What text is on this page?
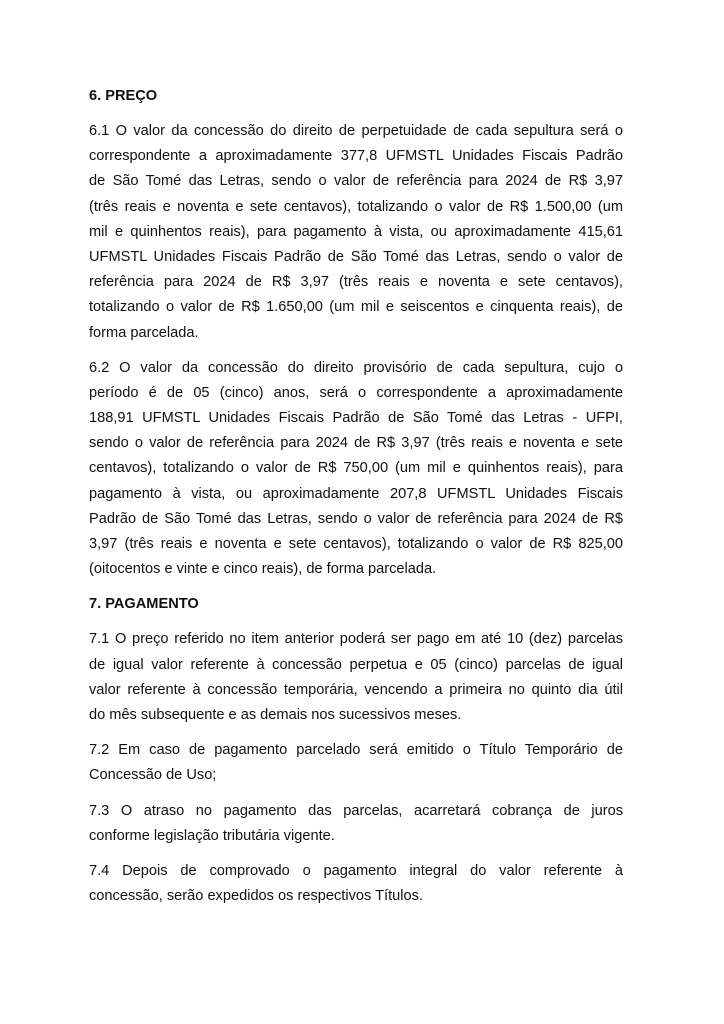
6. PREÇO
6.1 O valor da concessão do direito de perpetuidade de cada sepultura será o
correspondente a aproximadamente 377,8 UFMSTL Unidades Fiscais Padrão
de São Tomé das Letras, sendo o valor de referência para 2024 de R$ 3,97
(três reais e noventa e sete centavos), totalizando o valor de R$ 1.500,00 (um
mil e quinhentos reais), para pagamento à vista, ou aproximadamente 415,61
UFMSTL Unidades Fiscais Padrão de São Tomé das Letras, sendo o valor de
referência para 2024 de R$ 3,97 (três reais e noventa e sete centavos),
totalizando o valor de R$ 1.650,00 (um mil e seiscentos e cinquenta reais), de
forma parcelada.
6.2 O valor da concessão do direito provisório de cada sepultura, cujo o
período é de 05 (cinco) anos, será o correspondente a aproximadamente
188,91 UFMSTL Unidades Fiscais Padrão de São Tomé das Letras - UFPI,
sendo o valor de referência para 2024 de R$ 3,97 (três reais e noventa e sete
centavos), totalizando o valor de R$ 750,00 (um mil e quinhentos reais), para
pagamento à vista, ou aproximadamente 207,8 UFMSTL Unidades Fiscais
Padrão de São Tomé das Letras, sendo o valor de referência para 2024 de R$
3,97 (três reais e noventa e sete centavos), totalizando o valor de R$ 825,00
(oitocentos e vinte e cinco reais), de forma parcelada.
7. PAGAMENTO
7.1 O preço referido no item anterior poderá ser pago em até 10 (dez) parcelas
de igual valor referente à concessão perpetua e 05 (cinco) parcelas de igual
valor referente à concessão temporária, vencendo a primeira no quinto dia útil
do mês subsequente e as demais nos sucessivos meses.
7.2 Em caso de pagamento parcelado será emitido o Título Temporário de
Concessão de Uso;
7.3 O atraso no pagamento das parcelas, acarretará cobrança de juros
conforme legislação tributária vigente.
7.4 Depois de comprovado o pagamento integral do valor referente à
concessão, serão expedidos os respectivos Títulos.
